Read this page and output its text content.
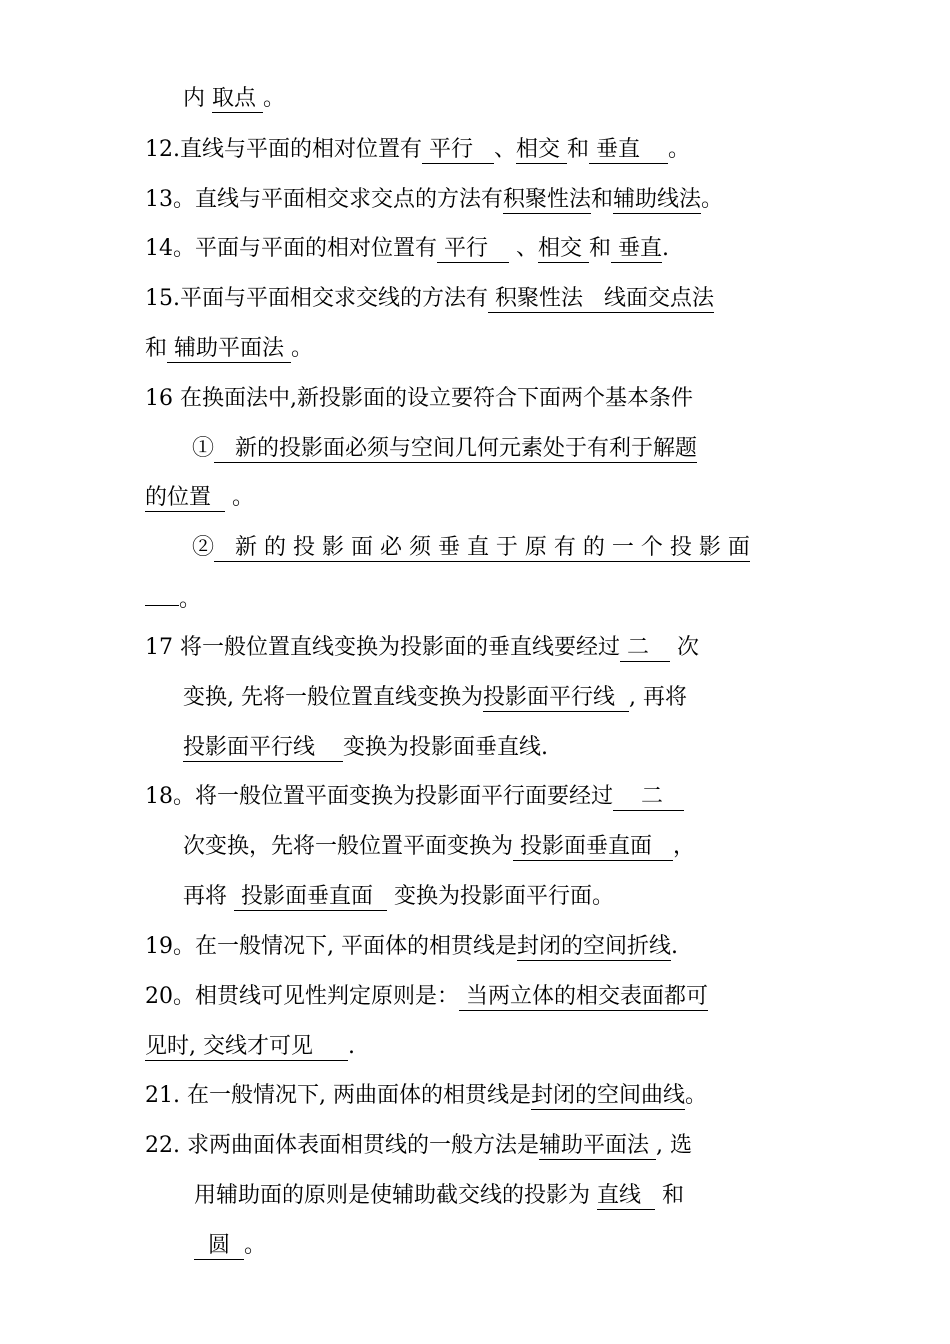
内 取点 。
12.直线与平面的相对位置有 平行   、相交 和 垂直    。
13。直线与平面相交求交点的方法有积聚性法和辅助线法。
14。平面与平面的相对位置有 平行    、相交 和 垂直.
15.平面与平面相交求交线的方法有 积聚性法   线面交点法
和 辅助平面法 。
16 在换面法中,新投影面的设立要符合下面两个基本条件
①   新的投影面必须与空间几何元素处于有利于解题
的位置   。
②   新 的 投 影 面 必 须 垂 直 于 原 有 的 一 个 投 影 面
。
17 将一般位置直线变换为投影面的垂直线要经过 二    次
变换, 先将一般位置直线变换为投影面平行线  , 再将
投影面平行线    变换为投影面垂直线.
18。将一般位置平面变换为投影面平行面要经过    二
次变换，先将一般位置平面变换为 投影面垂直面   ，
再将  投影面垂直面   变换为投影面平行面。
19。在一般情况下, 平面体的相贯线是封闭的空间折线.
20。相贯线可见性判定原则是： 当两立体的相交表面都可
见时, 交线才可见     .
21. 在一般情况下, 两曲面体的相贯线是封闭的空间曲线。
22. 求两曲面体表面相贯线的一般方法是辅助平面法 , 选
用辅助面的原则是使辅助截交线的投影为 直线   和
圆  。
